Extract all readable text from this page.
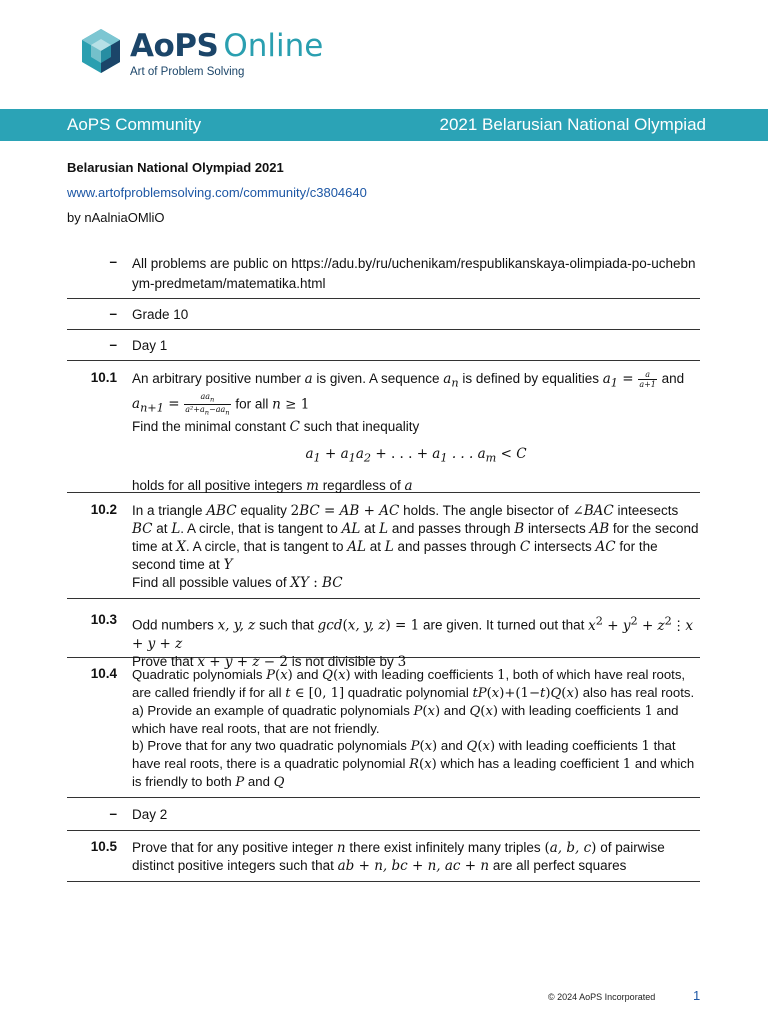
AoPS Online
Art of Problem Solving
AoPS Community	2021 Belarusian National Olympiad
Belarusian National Olympiad 2021
www.artofproblemsolving.com/community/c3804640
by nAalniaOMliO
–	All problems are public on https://adu.by/ru/uchenikam/respublikanskaya-olimpiada-po-uchebnym-predmetam/matematika.html
–	Grade 10
–	Day 1
10.1	An arbitrary positive number a is given. A sequence $a_n$ is defined by equalities $a_1 = \frac{a}{a+1}$ and
$a_{n+1} = \frac{aa_n}{a^2+a_n-aa_n}$ for all n ≥ 1
Find the minimal constant C such that inequality
$a_1 + a_1a_2$ + . . . + $a_1$ . . . $a_m < C$
holds for all positive integers m regardless of a
10.2	In a triangle ABC equality 2BC = AB + AC holds. The angle bisector of ∠BAC inteesects BC at L. A circle, that is tangent to AL at L and passes through B intersects AB for the second time at X. A circle, that is tangent to AL at L and passes through C intersects AC for the second time at Y
Find all possible values of XY : BC
10.3	Odd numbers x, y, z such that gcd(x, y, z) = 1 are given. It turned out that $x^2 + y^2$ + $z^2⋮x + y + z$
Prove that x + y + z − 2 is not divisible by 3
10.4	Quadratic polynomials P(x) and Q(x) with leading coefficients 1, both of which have real roots, are called friendly if for all t ∈ [0, 1] quadratic polynomial tP(x)+(1−t)Q(x) also has real roots.
a) Provide an example of quadratic polynomials P(x) and Q(x) with leading coefficients 1 and which have real roots, that are not friendly.
b) Prove that for any two quadratic polynomials P(x) and Q(x) with leading coefficients 1 that have real roots, there is a quadratic polynomial R(x) which has a leading coefficient 1 and which is friendly to both P and Q
–	Day 2
10.5	Prove that for any positive integer n there exist infinitely many triples (a, b, c) of pairwise distinct positive integers such that ab + n, bc + n, ac + n are all perfect squares
© 2024 AoPS Incorporated	1
